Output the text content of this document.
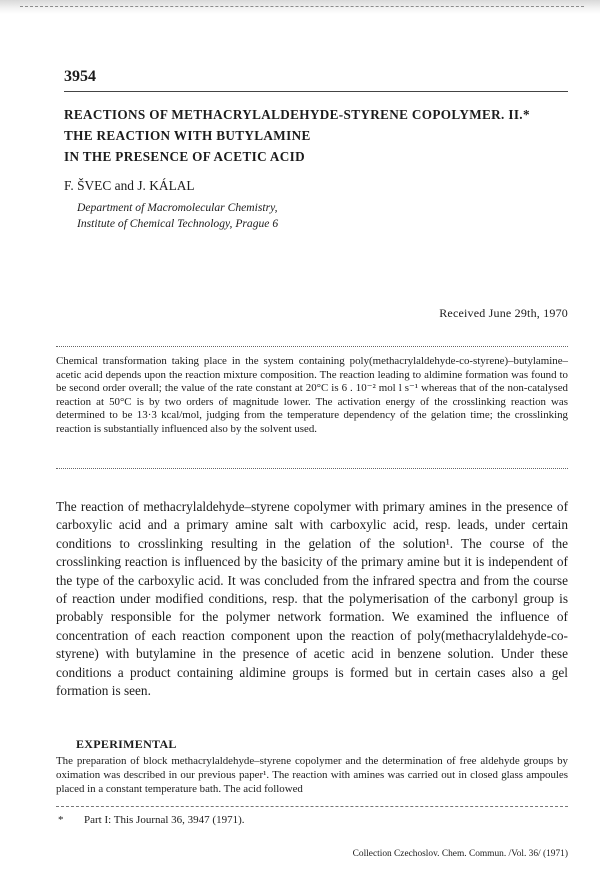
3954
REACTIONS OF METHACRYLALDEHYDE-STYRENE COPOLYMER. II.*
THE REACTION WITH BUTYLAMINE
IN THE PRESENCE OF ACETIC ACID
F. ŠVEC and J. KÁLAL
Department of Macromolecular Chemistry,
Institute of Chemical Technology, Prague 6
Received June 29th, 1970

Chemical transformation taking place in the system containing poly(methacrylaldehyde-co-styrene)–butylamine–acetic acid depends upon the reaction mixture composition. The reaction leading to aldimine formation was found to be second order overall; the value of the rate constant at 20°C is 6 . 10⁻² mol l s⁻¹ whereas that of the non-catalysed reaction at 50°C is by two orders of magnitude lower. The activation energy of the crosslinking reaction was determined to be 13·3 kcal/mol, judging from the temperature dependency of the gelation time; the crosslinking reaction is substantially influenced also by the solvent used.

The reaction of methacrylaldehyde–styrene copolymer with primary amines in the presence of carboxylic acid and a primary amine salt with carboxylic acid, resp. leads, under certain conditions to crosslinking resulting in the gelation of the solution¹. The course of the crosslinking reaction is influenced by the basicity of the primary amine but it is independent of the type of the carboxylic acid. It was concluded from the infrared spectra and from the course of reaction under modified conditions, resp. that the polymerisation of the carbonyl group is probably responsible for the polymer network formation. We examined the influence of concentration of each reaction component upon the reaction of poly(methacrylaldehyde-co-styrene) with butylamine in the presence of acetic acid in benzene solution. Under these conditions a product containing aldimine groups is formed but in certain cases also a gel formation is seen.

EXPERIMENTAL

The preparation of block methacrylaldehyde–styrene copolymer and the determination of free aldehyde groups by oximation was described in our previous paper¹. The reaction with amines was carried out in closed glass ampoules placed in a constant temperature bath. The acid followed

* Part I: This Journal 36, 3947 (1971).
Collection Czechoslov. Chem. Commun. /Vol. 36/ (1971)
